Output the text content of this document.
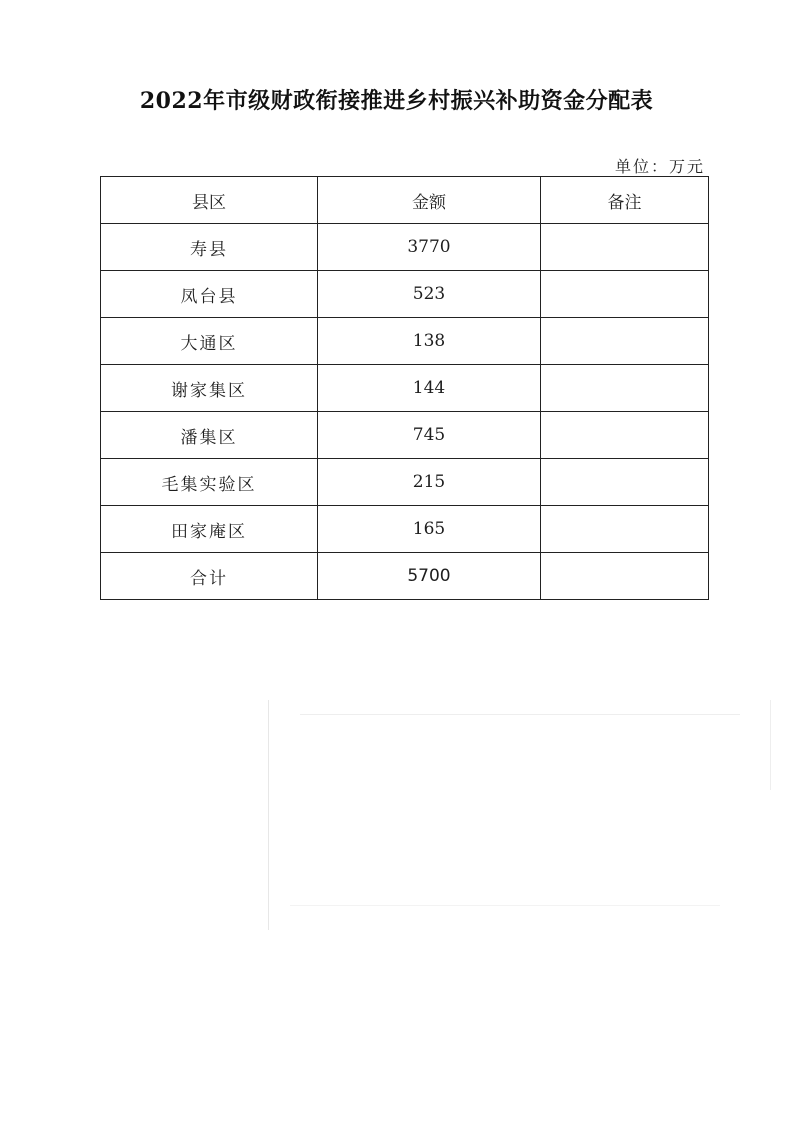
2022年市级财政衔接推进乡村振兴补助资金分配表
单位：万元
县区	金额	备注
寿县	3770	
凤台县	523	
大通区	138	
谢家集区	144	
潘集区	745	
毛集实验区	215	
田家庵区	165	
合计	5700	
